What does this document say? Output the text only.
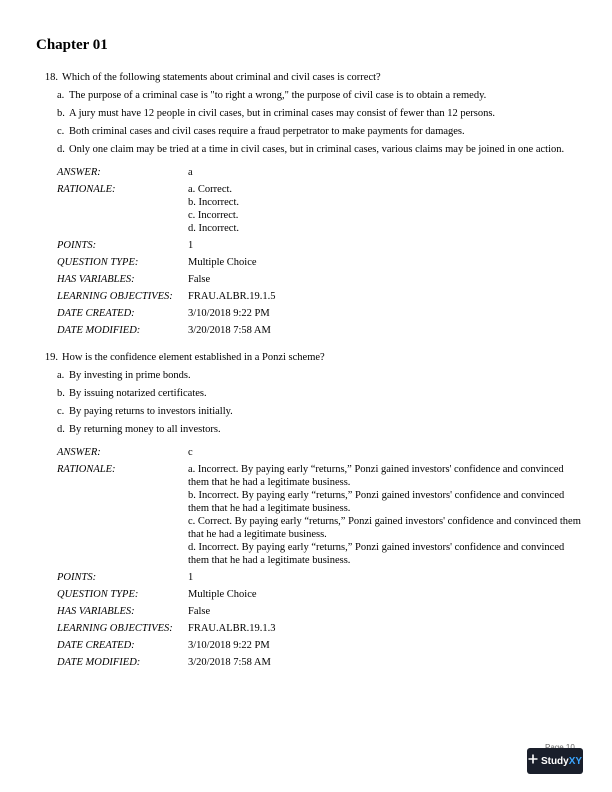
Chapter 01
18. Which of the following statements about criminal and civil cases is correct?
a. The purpose of a criminal case is "to right a wrong," the purpose of civil case is to obtain a remedy.
b. A jury must have 12 people in civil cases, but in criminal cases may consist of fewer than 12 persons.
c. Both criminal cases and civil cases require a fraud perpetrator to make payments for damages.
d. Only one claim may be tried at a time in civil cases, but in criminal cases, various claims may be joined in one action.
ANSWER:	a
RATIONALE:	a. Correct.

b. Incorrect.

c. Incorrect.

d. Incorrect.

POINTS:	1
QUESTION TYPE:	Multiple Choice
HAS VARIABLES:	False
LEARNING OBJECTIVES:	FRAU.ALBR.19.1.5
DATE CREATED:	3/10/2018 9:22 PM
DATE MODIFIED:	3/20/2018 7:58 AM
19. How is the confidence element established in a Ponzi scheme?
a. By investing in prime bonds.
b. By issuing notarized certificates.
c. By paying returns to investors initially.
d. By returning money to all investors.
ANSWER:	c
RATIONALE:	a. Incorrect. By paying early “returns,” Ponzi gained investors' confidence and convinced them that he had a legitimate business.

b. Incorrect. By paying early “returns,” Ponzi gained investors' confidence and convinced them that he had a legitimate business.

c. Correct. By paying early “returns,” Ponzi gained investors' confidence and convinced them that he had a legitimate business.

d. Incorrect. By paying early “returns,” Ponzi gained investors' confidence and convinced them that he had a legitimate business.

POINTS:	1
QUESTION TYPE:	Multiple Choice
HAS VARIABLES:	False
LEARNING OBJECTIVES:	FRAU.ALBR.19.1.3
DATE CREATED:	3/10/2018 9:22 PM
DATE MODIFIED:	3/20/2018 7:58 AM
StudyXY
